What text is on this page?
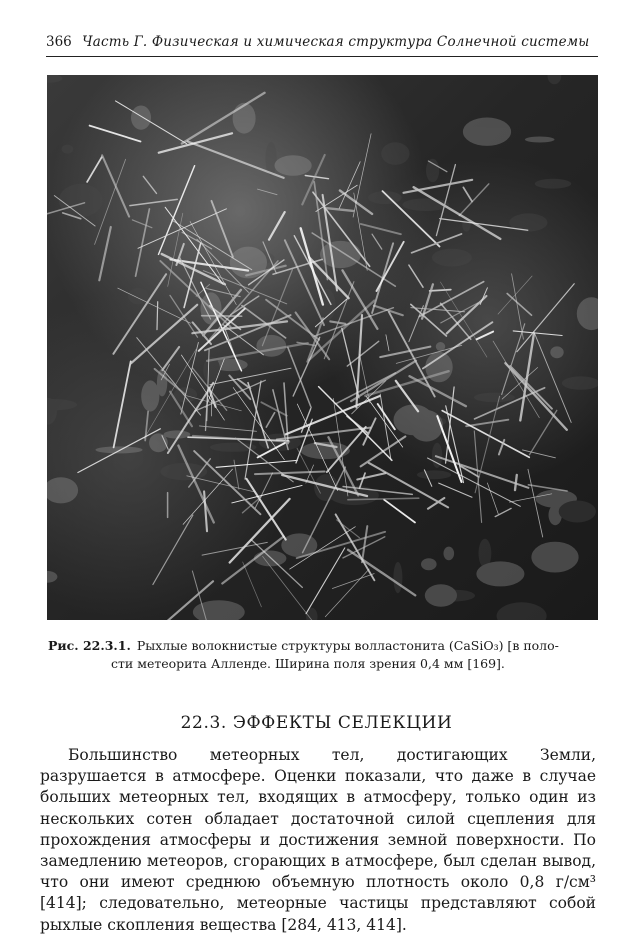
366 Часть Г. Физическая и химическая структура Солнечной системы
Рис. 22.3.1. Рыхлые волокнистые структуры волластонита (CaSiO₃) [в поло-
сти метеорита Алленде. Ширина поля зрения 0,4 мм [169].
22.3. ЭФФЕКТЫ СЕЛЕКЦИИ

Большинство метеорных тел, достигающих Земли, разрушается в атмосфере. Оценки показали, что даже в случае больших метеорных тел, входящих в атмосферу, только один из нескольких сотен обладает достаточной силой сцепления для прохождения атмосферы и достижения земной поверхности. По замедлению метеоров, сгорающих в атмосфере, был сделан вывод, что они имеют среднюю объемную плотность около 0,8 г/см³ [414]; следовательно, метеорные частицы представляют собой рыхлые скопления вещества [284, 413, 414].
